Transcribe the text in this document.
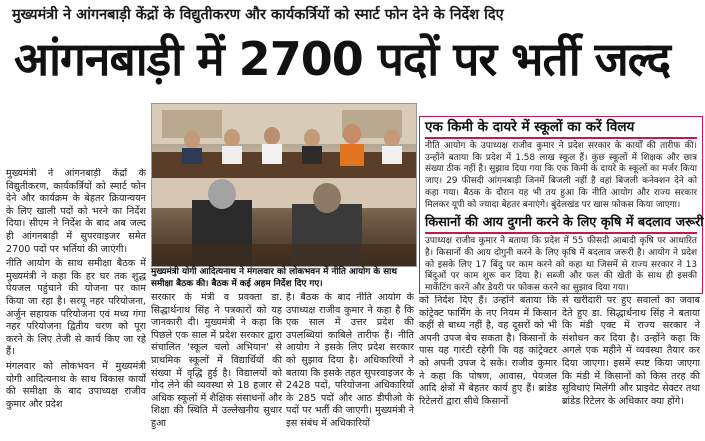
मुख्यमंत्री ने आंगनबाड़ी केंद्रों के विद्युतीकरण और कार्यकर्त्रियों को स्मार्ट फोन देने के निर्देश दिए
आंगनबाड़ी में 2700 पदों पर भर्ती जल्द
मुख्यमंत्री ने आंगनबाड़ी केंद्रों के विद्युतीकरण, कार्यकर्त्रियों को स्मार्ट फोन देने और कार्यक्रम के बेहतर क्रियान्वयन के लिए खाली पदों को भरने का निर्देश दिया। सीएम ने निर्देश के बाद अब जल्द ही आंगनबाड़ी में सुपरवाइजर समेत 2700 पदों पर भर्तियां की जाएंगी।
नीति आयोग के साथ समीक्षा बैठक में मुख्यमंत्री ने कहा कि हर घर तक शुद्ध पेयजल पहुंचाने की योजना पर काम किया जा रहा है। सरयू नहर परियोजना, अर्जुन सहायक परियोजना एवं मध्य गंगा नहर परियोजना द्वितीय चरण को पूरा करने के लिए तेजी से कार्य किए जा रहे हैं।
मंगलवार को लोकभवन में मुख्यमंत्री योगी आदित्यनाथ के साथ विकास कार्यों की समीक्षा के बाद उपाध्यक्ष राजीव कुमार और प्रदेश
मुख्यमंत्री योगी आदित्यनाथ ने मंगलवार को लोकभवन में नीति आयोग के साथ समीक्षा बैठक की। बैठक में कई अहम निर्देश दिए गए।
सरकार के मंत्री व प्रवक्ता डा. सिद्धार्थनाथ सिंह ने पत्रकारों को यह जानकारी दी। मुख्यमंत्री ने कहा कि पिछले एक साल में प्रदेश सरकार द्वारा संचालित 'स्कूल चलो अभियान' से प्राथमिक स्कूलों में विद्यार्थियों की संख्या में वृद्धि हुई है। विद्यालयों को गोद लेने की व्यवस्था से 18 हजार से अधिक स्कूलों में शैक्षिक संसाधनों और शिक्षा की स्थिति में उल्लेखनीय सुधार हुआ
है। बैठक के बाद नीति आयोग के उपाध्यक्ष राजीव कुमार ने कहा है कि एक साल में उत्तर प्रदेश की उपलब्धियां काबिले तारीफ हैं। नीति आयोग ने इसके लिए प्रदेश सरकार को सुझाव दिया है। अधिकारियों ने बताया कि इसके तहत सुपरवाइजर के 2428 पदों, परियोजना अधिकारियों के 285 पदों और आठ डीपीओ के पदों पर भर्ती की जाएगी। मुख्यमंत्री ने इस संबंध में अधिकारियों
एक किमी के दायरे में स्कूलों का करें विलय

नीति आयोग के उपाध्यक्ष राजीव कुमार ने प्रदेश सरकार के कार्यों की तारीफ की। उन्होंने बताया कि प्रदेश में 1.58 लाख स्कूल हैं। कुछ स्कूलों में शिक्षक और छात्र संख्या ठीक नहीं है। सुझाव दिया गया कि एक किमी के दायरे के स्कूलों का मर्जर किया जाए। 29 फीसदी आंगनबाड़ी जिनमें बिजली नहीं है वहां बिजली कनेक्शन देने को कहा गया। बैठक के दौरान यह भी तय हुआ कि नीति आयोग और राज्य सरकार मिलकर यूपी को ज्यादा बेहतर बनाएंगे। बुंदेलखंड पर खास फोकस किया जाएगा।

किसानों की आय दुगनी करने के लिए कृषि में बदलाव जरूरी

उपाध्यक्ष राजीव कुमार ने बताया कि प्रदेश में 55 फीसदी आबादी कृषि पर आधारित है। किसानों की आय दोगुनी करने के लिए कृषि में बदलाव जरूरी है। आयोग ने प्रदेश को इसके लिए 17 बिंदु पर काम करने को कहा था जिसमें से राज्य सरकार ने 13 बिंदुओं पर काम शुरू कर दिया है। सब्जी और फल की खेती के साथ ही इसकी मार्केटिंग करने और डेयरी पर फोकस करने का सुझाव दिया गया।

को निर्देश दिए हैं। उन्होंने बताया कि कांट्रेक्ट फार्मिंग के नए नियम में किसान कहीं से बाध्य नहीं है, वह दूसरों को भी अपनी उपज बेच सकता है। किसानों के पास यह गारंटी रहेगी कि वह कांट्रेक्टर को अपनी उपज दे सके। राजीव कुमार ने कहा कि पोषण, आवास, पेयजल आदि क्षेत्रों में बेहतर कार्य हुए हैं। ब्रांडेड रिटेलरों द्वारा सीधे किसानों
से खरीदारी पर हुए सवालों का जवाब देते हुए डा. सिद्धार्थनाथ सिंह ने बताया कि मंडी एक्ट में राज्य सरकार ने संशोधन कर दिया है। उन्होंने कहा कि अगले एक महीने में व्यवस्था तैयार कर दिया जाएगा। इसमें स्पष्ट किया जाएगा कि मंडी में किसानों को किस तरह की सुविधाएं मिलेंगी और प्राइवेट सेक्टर तथा ब्रांडेड रिटेलर के अधिकार क्या होंगे।
